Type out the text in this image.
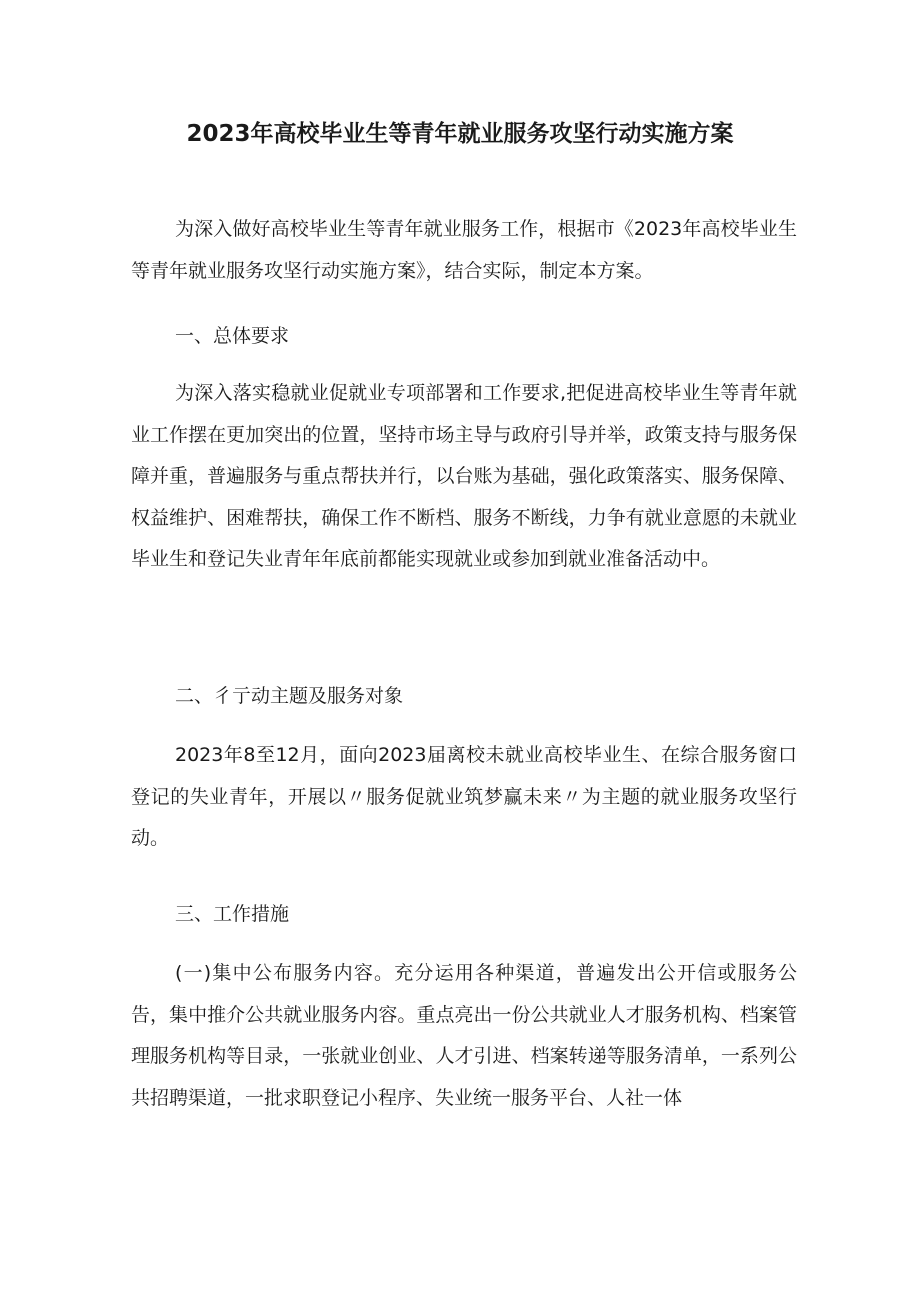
2023年高校毕业生等青年就业服务攻坚行动实施方案

为深入做好高校毕业生等青年就业服务工作，根据市《2023年高校毕业生等青年就业服务攻坚行动实施方案》，结合实际，制定本方案。

一、总体要求

为深入落实稳就业促就业专项部署和工作要求,把促进高校毕业生等青年就业工作摆在更加突出的位置，坚持市场主导与政府引导并举，政策支持与服务保障并重，普遍服务与重点帮扶并行，以台账为基础，强化政策落实、服务保障、权益维护、困难帮扶，确保工作不断档、服务不断线，力争有就业意愿的未就业毕业生和登记失业青年年底前都能实现就业或参加到就业准备活动中。

二、彳亍动主题及服务对象

2023年8至12月，面向2023届离校未就业高校毕业生、在综合服务窗口登记的失业青年，开展以〃服务促就业筑梦赢未来〃为主题的就业服务攻坚行动。

三、工作措施

(一)集中公布服务内容。充分运用各种渠道，普遍发出公开信或服务公告，集中推介公共就业服务内容。重点亮出一份公共就业人才服务机构、档案管理服务机构等目录，一张就业创业、人才引进、档案转递等服务清单，一系列公共招聘渠道，一批求职登记小程序、失业统一服务平台、人社一体
